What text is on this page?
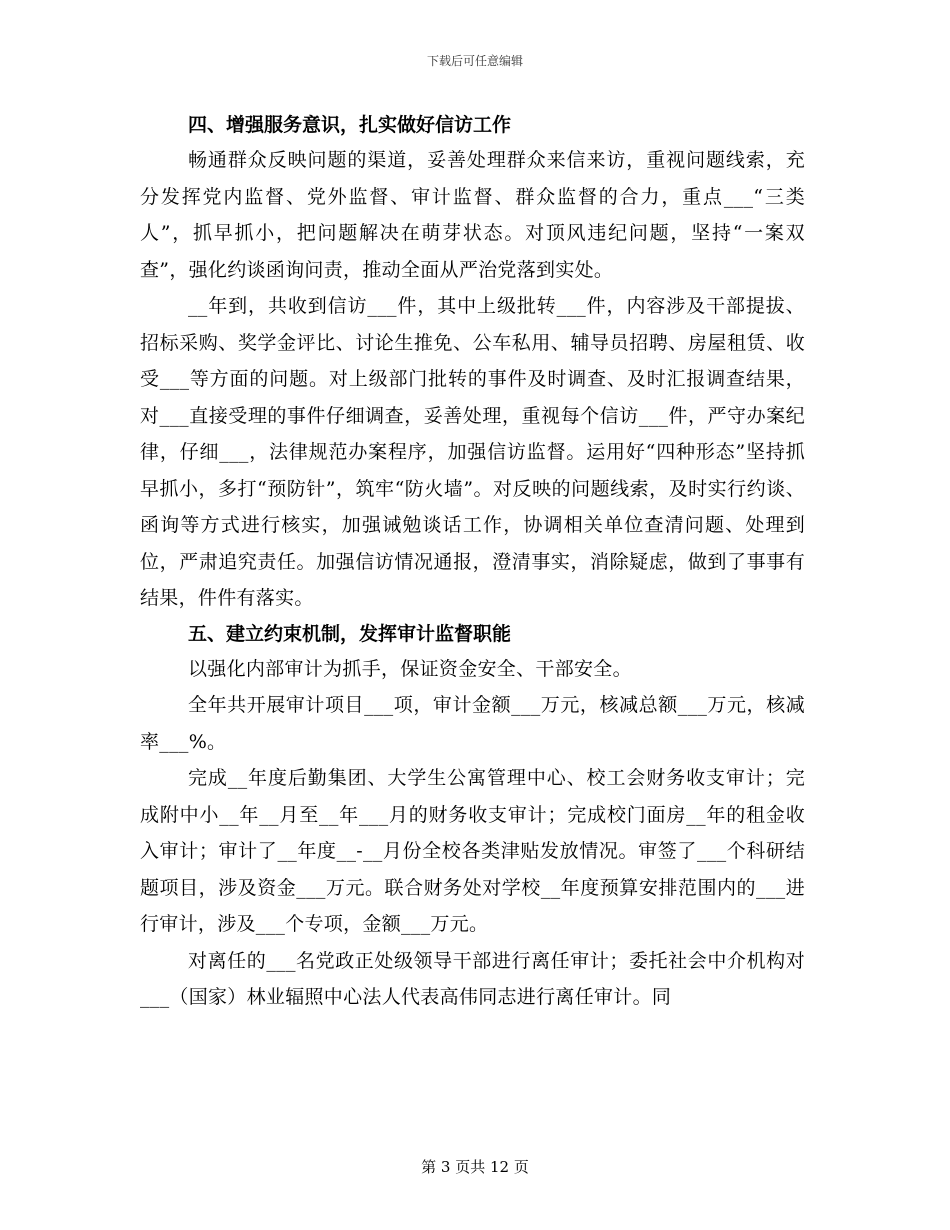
下载后可任意编辑

四、增强服务意识，扎实做好信访工作

畅通群众反映问题的渠道，妥善处理群众来信来访，重视问题线索，充分发挥党内监督、党外监督、审计监督、群众监督的合力，重点___“三类人”，抓早抓小，把问题解决在萌芽状态。对顶风违纪问题，坚持“一案双查”，强化约谈函询问责，推动全面从严治党落到实处。

__年到，共收到信访___件，其中上级批转___件，内容涉及干部提拔、招标采购、奖学金评比、讨论生推免、公车私用、辅导员招聘、房屋租赁、收受___等方面的问题。对上级部门批转的事件及时调查、及时汇报调查结果，对___直接受理的事件仔细调查，妥善处理，重视每个信访___件，严守办案纪律，仔细___，法律规范办案程序，加强信访监督。运用好“四种形态”坚持抓早抓小，多打“预防针”，筑牢“防火墙”。对反映的问题线索，及时实行约谈、函询等方式进行核实，加强诫勉谈话工作，协调相关单位查清问题、处理到位，严肃追究责任。加强信访情况通报，澄清事实，消除疑虑，做到了事事有结果，件件有落实。

五、建立约束机制，发挥审计监督职能

以强化内部审计为抓手，保证资金安全、干部安全。

全年共开展审计项目___项，审计金额___万元，核减总额___万元，核减率___%。

完成__年度后勤集团、大学生公寓管理中心、校工会财务收支审计；完成附中小__年__月至__年___月的财务收支审计；完成校门面房__年的租金收入审计；审计了__年度__-__月份全校各类津贴发放情况。审签了___个科研结题项目，涉及资金___万元。联合财务处对学校__年度预算安排范围内的___进行审计，涉及___个专项，金额___万元。

对离任的___名党政正处级领导干部进行离任审计；委托社会中介机构对___（国家）林业辐照中心法人代表高伟同志进行离任审计。同

第 3 页共 12 页
